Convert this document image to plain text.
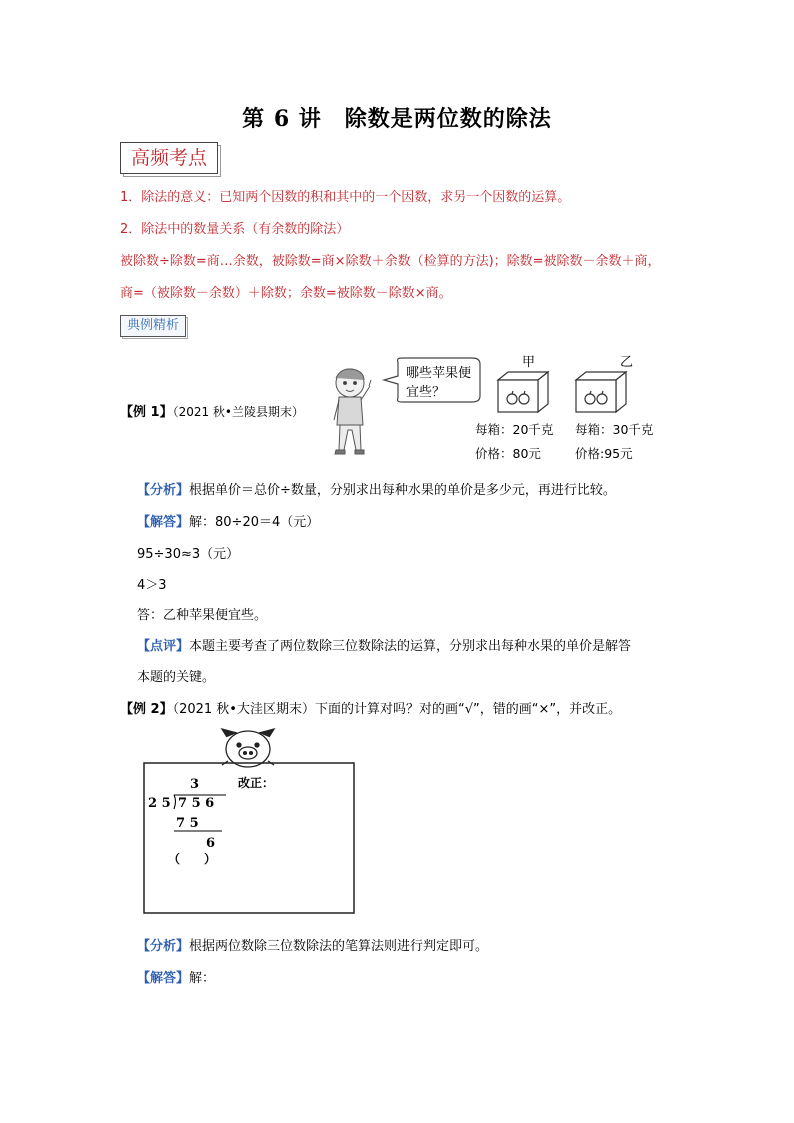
第 6 讲　除数是两位数的除法
高频考点
1．除法的意义：已知两个因数的积和其中的一个因数，求另一个因数的运算。
2．除法中的数量关系（有余数的除法）
被除数÷除数=商…余数，被除数=商×除数＋余数（检算的方法)；除数=被除数－余数＋商，
商=（被除数－余数）＋除数；余数=被除数－除数×商。
典例精析
【例 1】（2021 秋•兰陵县期末）
哪些苹果便
宜些？
甲
每箱：20千克
价格：80元
乙
每箱：30千克
价格:95元
【分析】根据单价＝总价÷数量，分别求出每种水果的单价是多少元，再进行比较。
【解答】解：80÷20＝4（元）
95÷30≈3（元）
4＞3
答：乙种苹果便宜些。
【点评】本题主要考查了两位数除三位数除法的运算，分别求出每种水果的单价是解答
本题的关键。
【例 2】（2021 秋•大洼区期末）下面的计算对吗？对的画“√”，错的画“×”，并改正。
3	改正：
2 5 7 5 6
7 5
6
（　　）
【分析】根据两位数除三位数除法的笔算法则进行判定即可。
【解答】解：
